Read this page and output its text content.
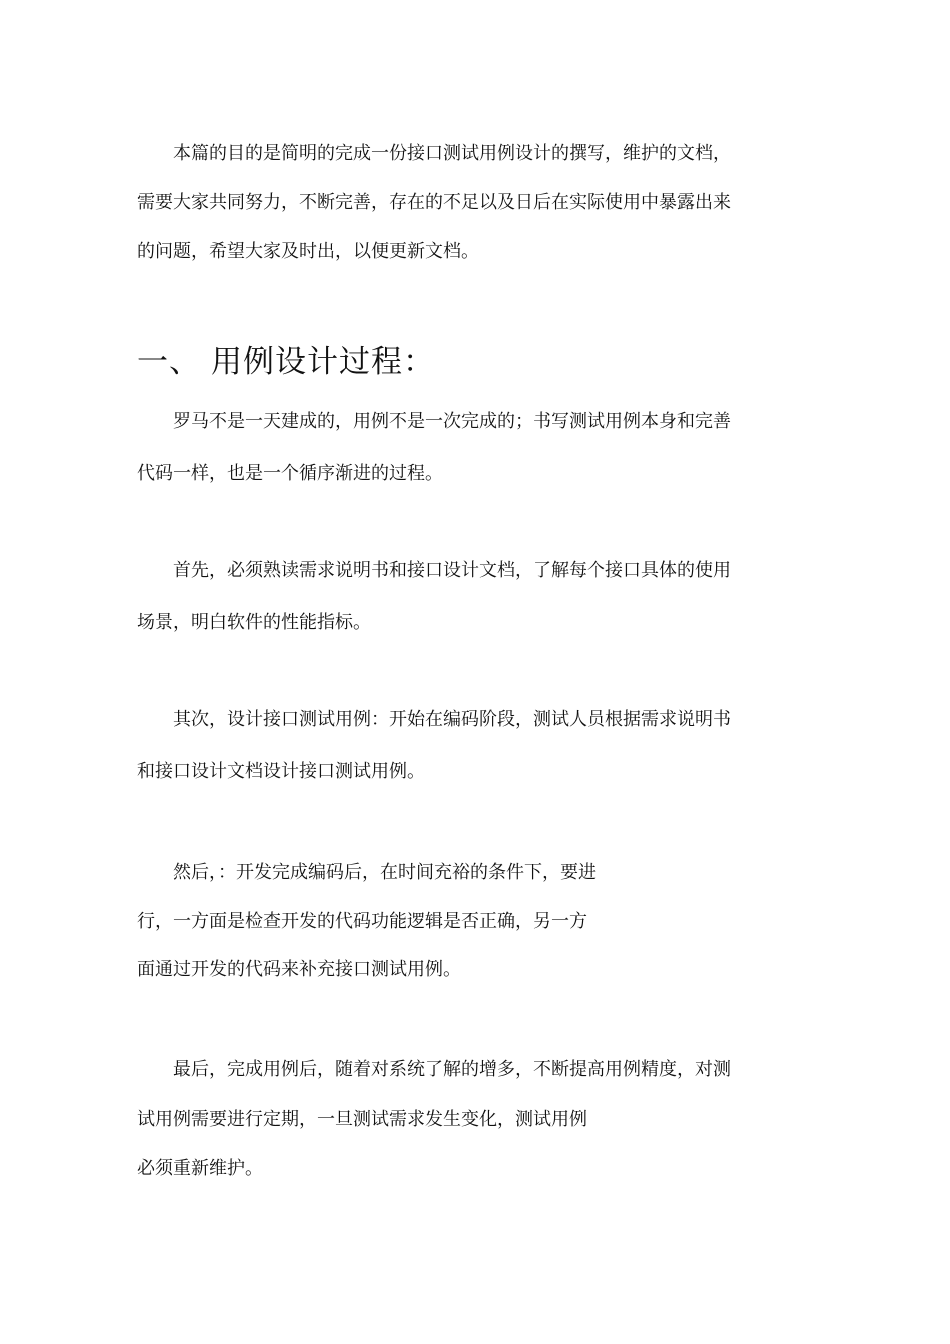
本篇的目的是简明的完成一份接口测试用例设计的撰写，维护的文档，
需要大家共同努力，不断完善，存在的不足以及日后在实际使用中暴露出来
的问题，希望大家及时出，以便更新文档。
一、 用例设计过程：
罗马不是一天建成的，用例不是一次完成的；书写测试用例本身和完善
代码一样，也是一个循序渐进的过程。
首先，必须熟读需求说明书和接口设计文档，了解每个接口具体的使用
场景，明白软件的性能指标。
其次，设计接口测试用例：开始在编码阶段，测试人员根据需求说明书
和接口设计文档设计接口测试用例。
然后，：开发完成编码后，在时间充裕的条件下，要进
行，一方面是检查开发的代码功能逻辑是否正确，另一方
面通过开发的代码来补充接口测试用例。
最后，完成用例后，随着对系统了解的增多，不断提高用例精度，对测
试用例需要进行定期，一旦测试需求发生变化，测试用例
必须重新维护。
